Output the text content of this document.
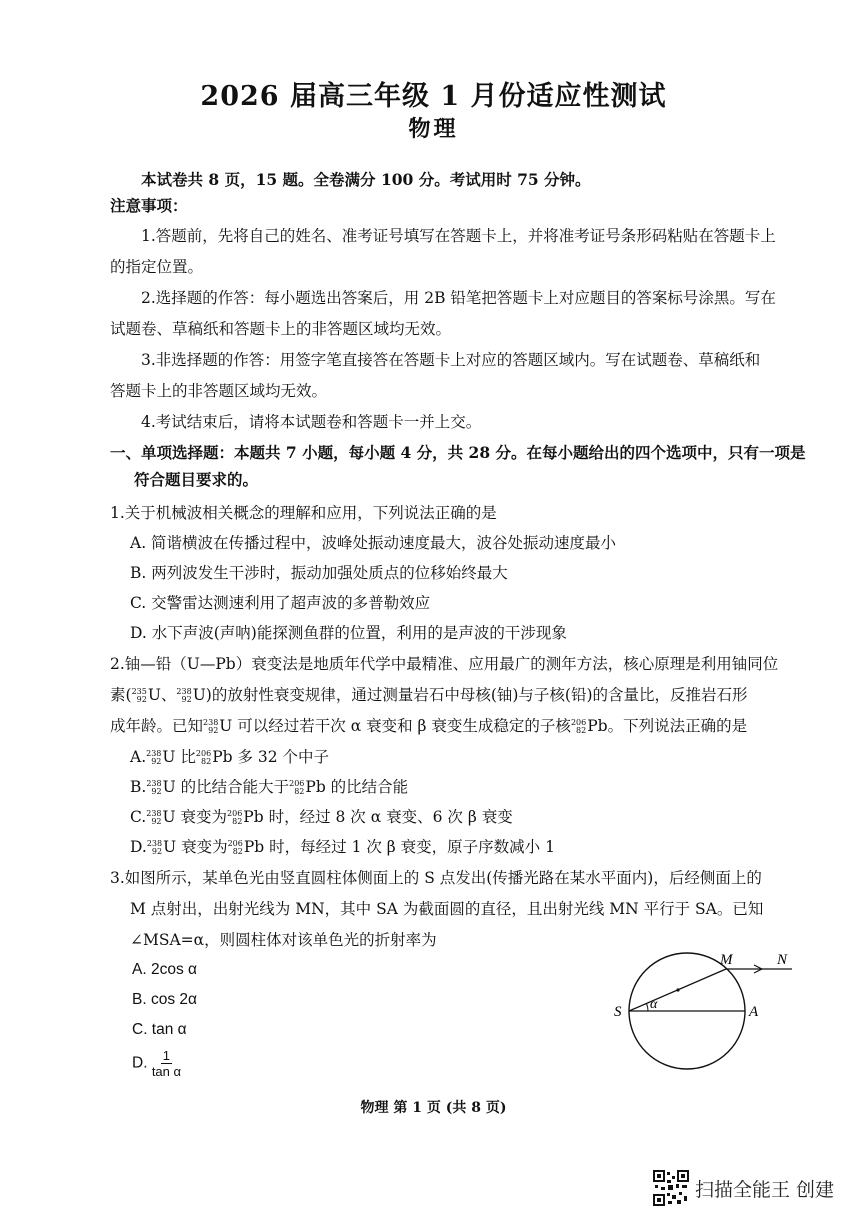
2026 届高三年级 1 月份适应性测试
物理
本试卷共 8 页，15 题。全卷满分 100 分。考试用时 75 分钟。
注意事项：
1.答题前，先将自己的姓名、准考证号填写在答题卡上，并将准考证号条形码粘贴在答题卡上
的指定位置。
2.选择题的作答：每小题选出答案后，用 2B 铅笔把答题卡上对应题目的答案标号涂黑。写在
试题卷、草稿纸和答题卡上的非答题区域均无效。
3.非选择题的作答：用签字笔直接答在答题卡上对应的答题区域内。写在试题卷、草稿纸和
答题卡上的非答题区域均无效。
4.考试结束后，请将本试题卷和答题卡一并上交。
一、单项选择题：本题共 7 小题，每小题 4 分，共 28 分。在每小题给出的四个选项中，只有一项是
符合题目要求的。
1.关于机械波相关概念的理解和应用，下列说法正确的是
A. 简谐横波在传播过程中，波峰处振动速度最大，波谷处振动速度最小
B. 两列波发生干涉时，振动加强处质点的位移始终最大
C. 交警雷达测速利用了超声波的多普勒效应
D. 水下声波(声呐)能探测鱼群的位置，利用的是声波的干涉现象
2.铀—铅（U—Pb）衰变法是地质年代学中最精准、应用最广的测年方法，核心原理是利用铀同位
素( 235
92 U、 238
92 U)的放射性衰变规律，通过测量岩石中母核(铀)与子核(铅)的含量比，反推岩石形
成年龄。已知 238
92 U 可以经过若干次 α 衰变和 β 衰变生成稳定的子核 206
82 Pb。下列说法正确的是
A. 238
92 U 比 206
82 Pb 多 32 个中子
B. 238
92 U 的比结合能大于 206
82 Pb 的比结合能
C. 238
92 U 衰变为 206
82 Pb 时，经过 8 次 α 衰变、6 次 β 衰变
D. 238
92 U 衰变为 206
82 Pb 时，每经过 1 次 β 衰变，原子序数减小 1
3.如图所示，某单色光由竖直圆柱体侧面上的 S 点发出(传播光路在某水平面内)，后经侧面上的
M 点射出，出射光线为 MN，其中 SA 为截面圆的直径，且出射光线 MN 平行于 SA。已知
∠MSA=α，则圆柱体对该单色光的折射率为
A. 2cos α
B. cos 2α
C. tan α
D. $\frac{1}{\text{tan α}}$
S
M	N
A
α
物理 第 1 页 (共 8 页)
扫描全能王 创建
